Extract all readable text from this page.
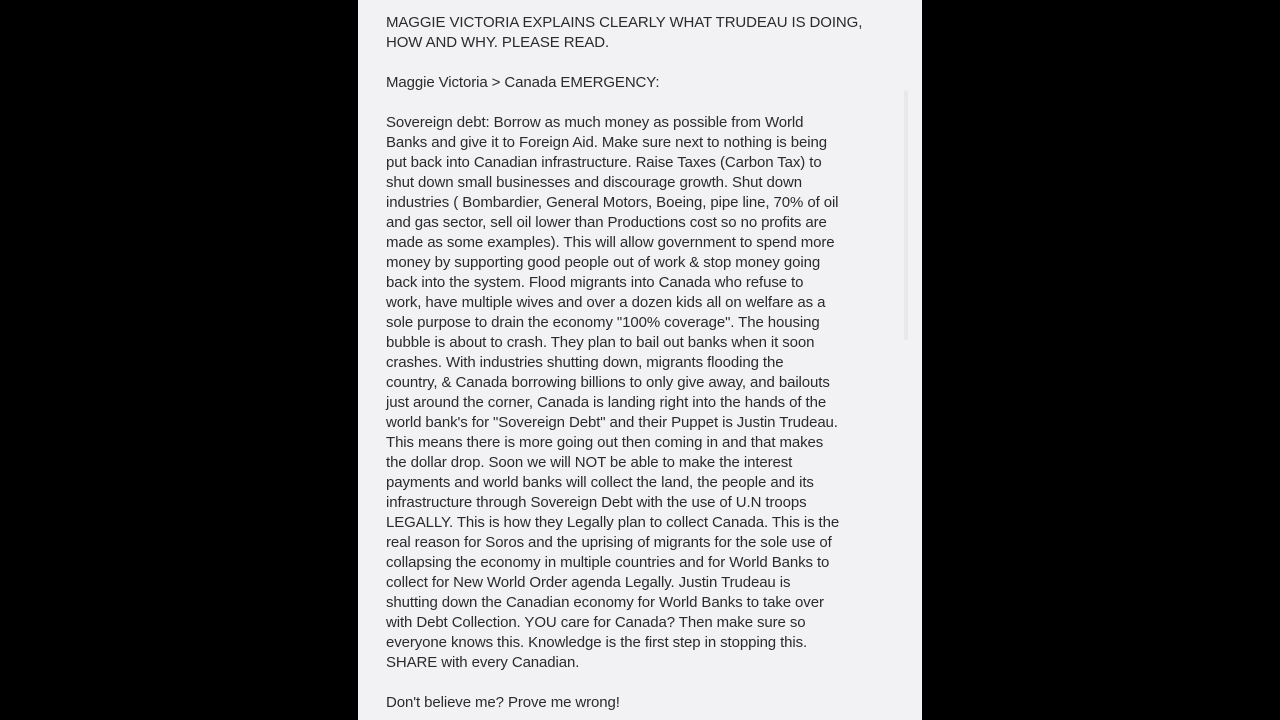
MAGGIE VICTORIA EXPLAINS CLEARLY WHAT TRUDEAU IS DOING,
HOW AND WHY. PLEASE READ.

Maggie Victoria > Canada EMERGENCY:

Sovereign debt: Borrow as much money as possible from World
Banks and give it to Foreign Aid. Make sure next to nothing is being
put back into Canadian infrastructure. Raise Taxes (Carbon Tax) to
shut down small businesses and discourage growth. Shut down
industries ( Bombardier, General Motors, Boeing, pipe line, 70% of oil
and gas sector, sell oil lower than Productions cost so no profits are
made as some examples). This will allow government to spend more
money by supporting good people out of work & stop money going
back into the system. Flood migrants into Canada who refuse to
work, have multiple wives and over a dozen kids all on welfare as a
sole purpose to drain the economy "100% coverage". The housing
bubble is about to crash. They plan to bail out banks when it soon
crashes. With industries shutting down, migrants flooding the
country, & Canada borrowing billions to only give away, and bailouts
just around the corner, Canada is landing right into the hands of the
world bank's for "Sovereign Debt" and their Puppet is Justin Trudeau.
This means there is more going out then coming in and that makes
the dollar drop. Soon we will NOT be able to make the interest
payments and world banks will collect the land, the people and its
infrastructure through Sovereign Debt with the use of U.N troops
LEGALLY. This is how they Legally plan to collect Canada. This is the
real reason for Soros and the uprising of migrants for the sole use of
collapsing the economy in multiple countries and for World Banks to
collect for New World Order agenda Legally. Justin Trudeau is
shutting down the Canadian economy for World Banks to take over
with Debt Collection. YOU care for Canada? Then make sure so
everyone knows this. Knowledge is the first step in stopping this.
SHARE with every Canadian.

Don't believe me? Prove me wrong!
